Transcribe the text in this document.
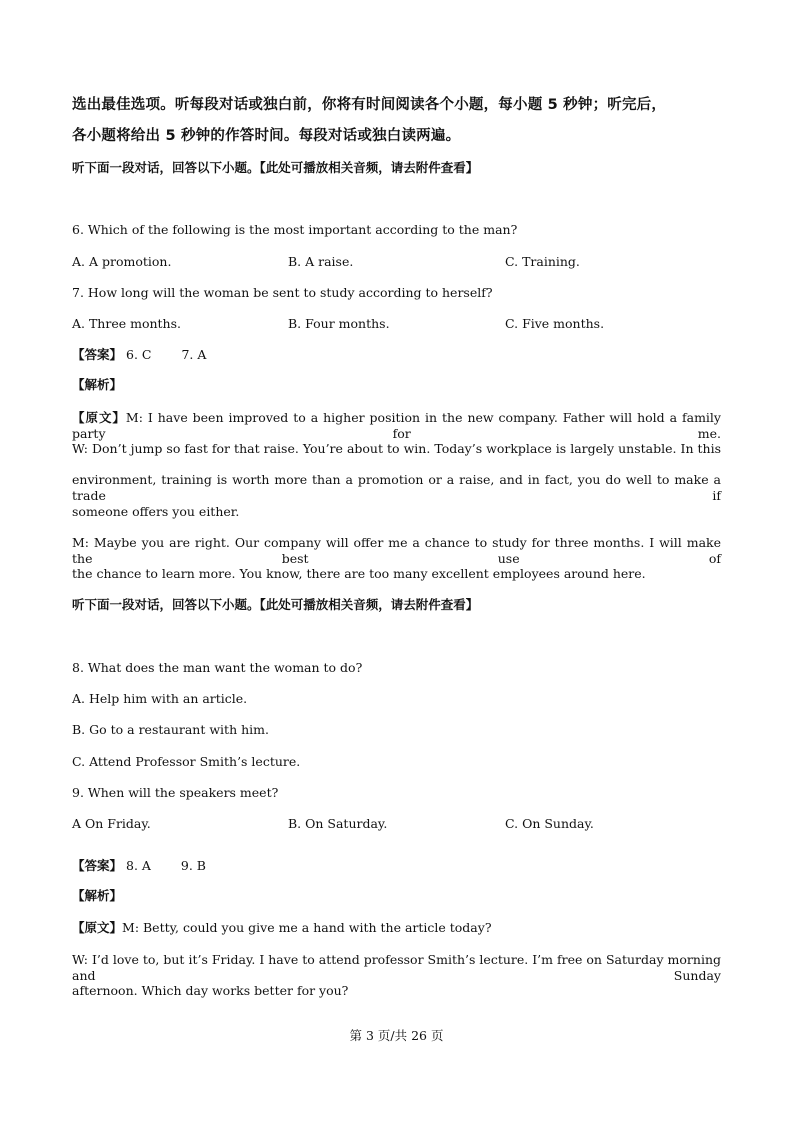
选出最佳选项。听每段对话或独白前，你将有时间阅读各个小题，每小题 5 秒钟；听完后，
各小题将给出 5 秒钟的作答时间。每段对话或独白读两遍。
听下面一段对话，回答以下小题。【此处可播放相关音频，请去附件查看】
6. Which of the following is the most important according to the man?
A. A promotion.	B. A raise.	C. Training.
7. How long will the woman be sent to study according to herself?
A. Three months.	B. Four months.	C. Five months.
【答案】 6. C 7. A
【解析】
【原文】M: I have been improved to a higher position in the new company. Father will hold a family party for me.
W: Don’t jump so fast for that raise. You’re about to win. Today’s workplace is largely unstable. In this
environment, training is worth more than a promotion or a raise, and in fact, you do well to make a trade if
someone offers you either.
M: Maybe you are right. Our company will offer me a chance to study for three months. I will make the best use of
the chance to learn more. You know, there are too many excellent employees around here.
听下面一段对话，回答以下小题。【此处可播放相关音频，请去附件查看】
8. What does the man want the woman to do?
A. Help him with an article.
B. Go to a restaurant with him.
C. Attend Professor Smith’s lecture.
9. When will the speakers meet?
A On Friday.	B. On Saturday.	C. On Sunday.
【答案】 8. A 9. B
【解析】
【原文】M: Betty, could you give me a hand with the article today?
W: I’d love to, but it’s Friday. I have to attend professor Smith’s lecture. I’m free on Saturday morning and Sunday
afternoon. Which day works better for you?
第 3 页/共 26 页
